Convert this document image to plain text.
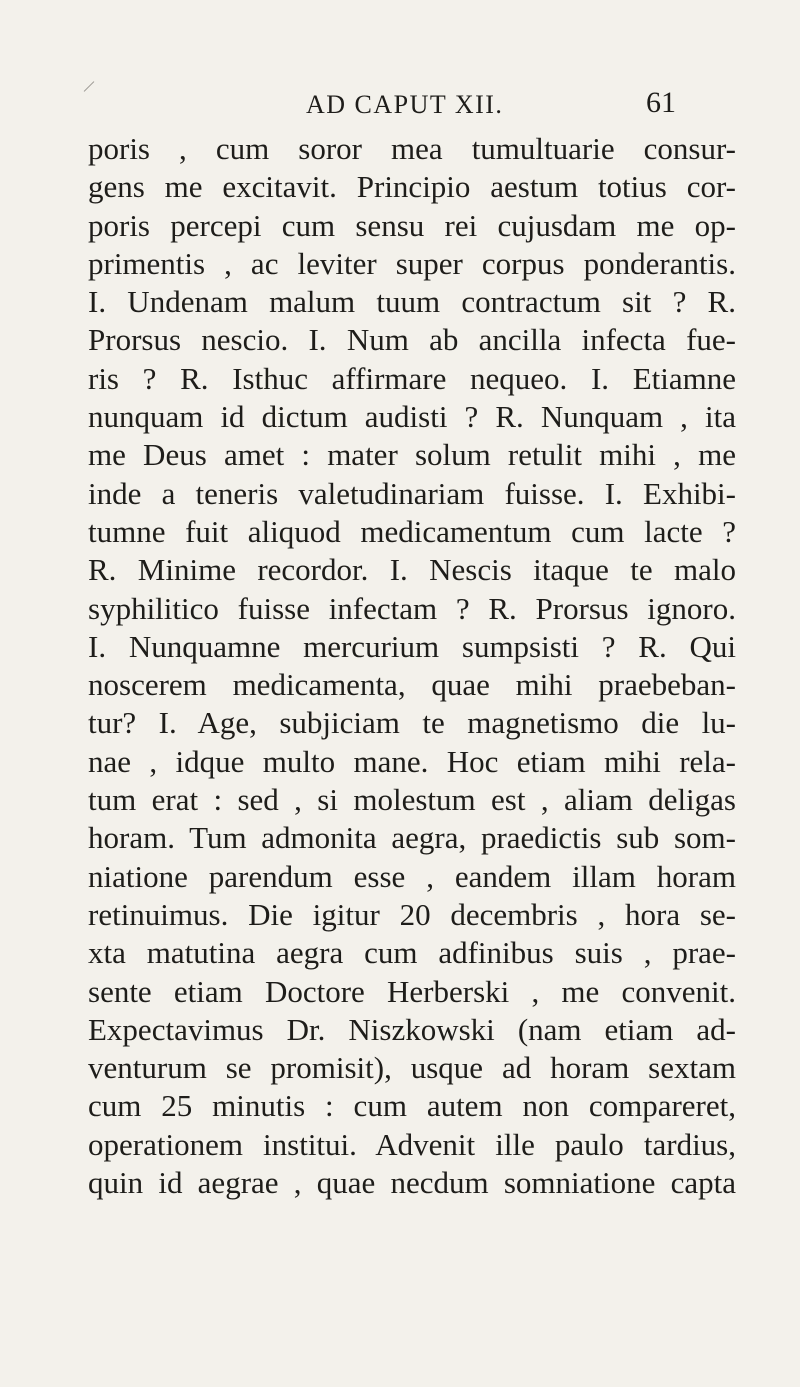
AD CAPUT XII.	61
poris , cum soror mea tumultuarie consur-
gens me excitavit. Principio aestum totius cor-
poris percepi cum sensu rei cujusdam me op-
primentis , ac leviter super corpus ponderantis.
I. Undenam malum tuum contractum sit ? R.
Prorsus nescio. I. Num ab ancilla infecta fue-
ris ? R. Isthuc affirmare nequeo. I. Etiamne
nunquam id dictum audisti ? R. Nunquam , ita
me Deus amet : mater solum retulit mihi , me
inde a teneris valetudinariam fuisse. I. Exhibi-
tumne fuit aliquod medicamentum cum lacte ?
R. Minime recordor. I. Nescis itaque te malo
syphilitico fuisse infectam ? R. Prorsus ignoro.
I. Nunquamne mercurium sumpsisti ? R. Qui
noscerem medicamenta, quae mihi praebeban-
tur? I. Age, subjiciam te magnetismo die lu-
nae , idque multo mane. Hoc etiam mihi rela-
tum erat : sed , si molestum est , aliam deligas
horam. Tum admonita aegra, praedictis sub som-
niatione parendum esse , eandem illam horam
retinuimus. Die igitur 20 decembris , hora se-
xta matutina aegra cum adfinibus suis , prae-
sente etiam Doctore Herberski , me convenit.
Expectavimus Dr. Niszkowski (nam etiam ad-
venturum se promisit), usque ad horam sextam
cum 25 minutis : cum autem non compareret,
operationem institui. Advenit ille paulo tardius,
quin id aegrae , quae necdum somniatione capta
